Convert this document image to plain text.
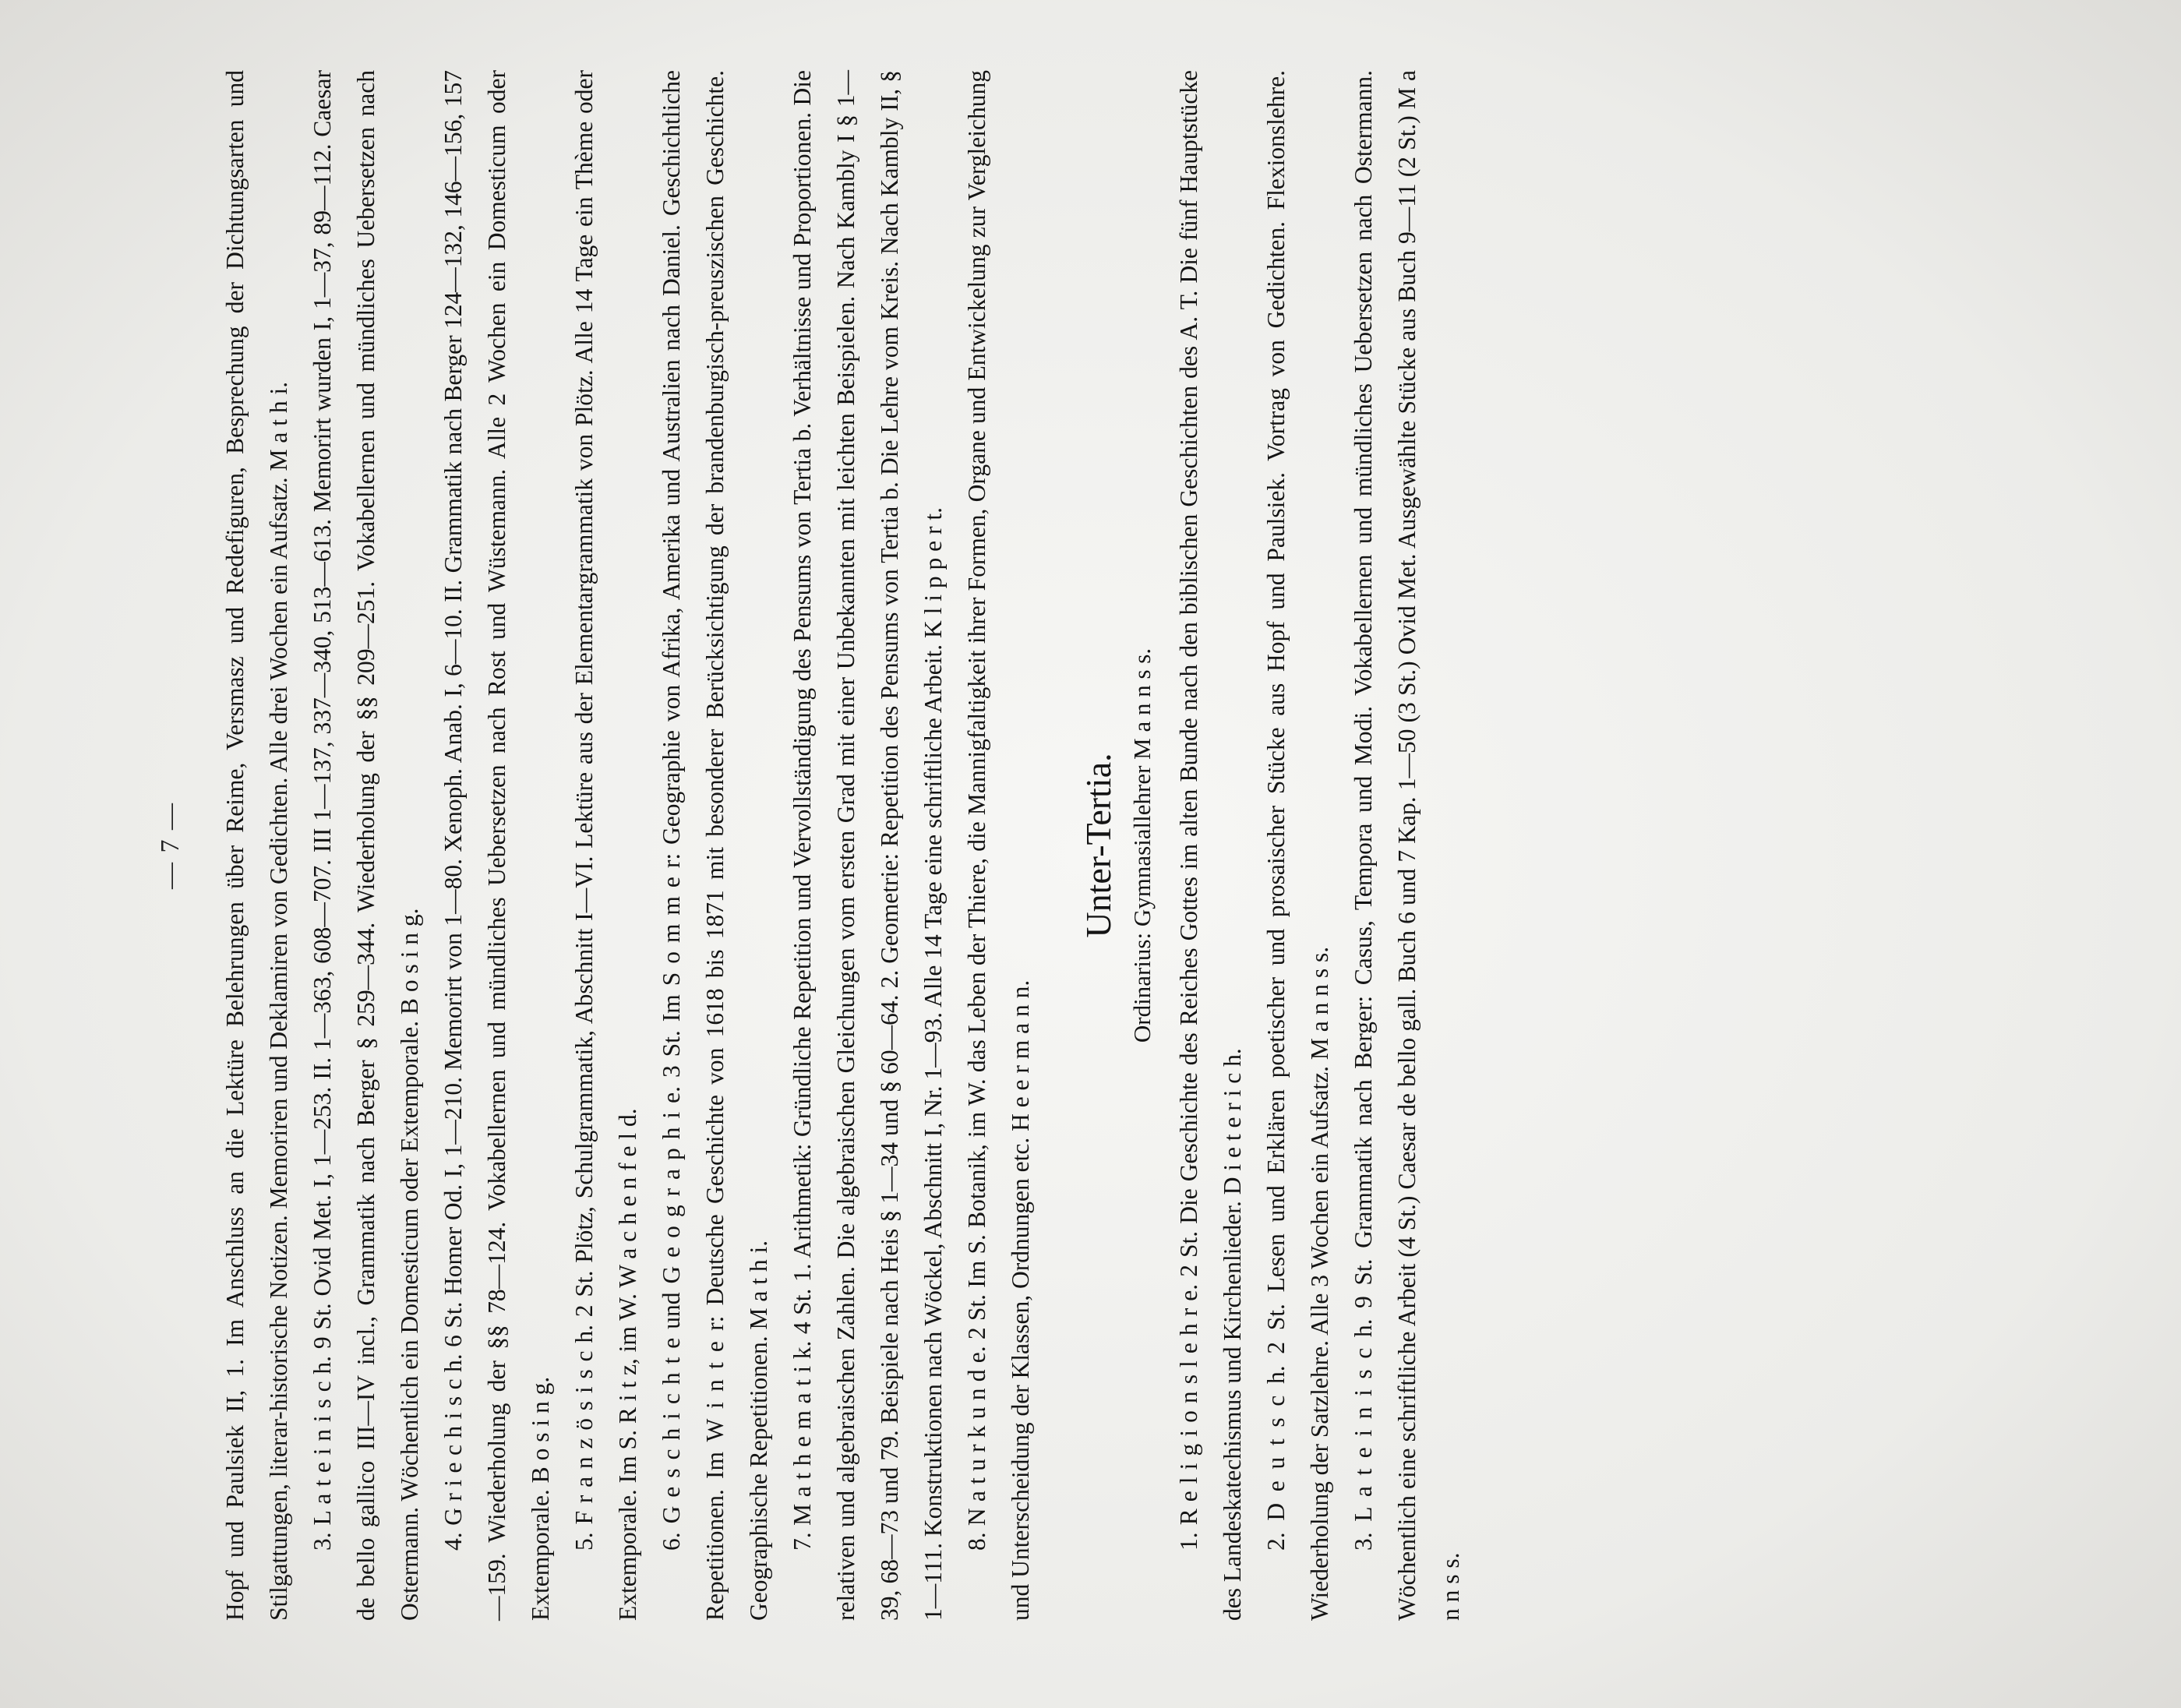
— 7 —	Hopf und Paulsiek II, 1. Im Anschluss an die Lektüre Belehrungen über Reime, Versmasz und Redefiguren, Besprechung der Dichtungsarten und Stilgattungen, literar-historische Notizen. Memoriren und Deklamiren von Gedichten. Alle drei Wochen ein Aufsatz. M a t h i. 3. L a t e i n i s c h. 9 St. Ovid Met. I, 1—253. II. 1—363, 608—707. III 1—137, 337—340, 513—613. Memorirt wurden I, 1—37, 89—112. Caesar de bello gallico III—IV incl., Grammatik nach Berger § 259—344. Wiederholung der §§ 209—251. Vokabellernen und mündliches Uebersetzen nach Ostermann. Wöchentlich ein Domesticum oder Extemporale. B o s i n g. 4. G r i e c h i s c h. 6 St. Homer Od. I, 1—210. Memorirt von 1—80. Xenoph. Anab. I, 6—10. II. Grammatik nach Berger 124—132, 146—156, 157—159. Wiederholung der §§ 78—124. Vokabellernen und mündliches Uebersetzen nach Rost und Wüstemann. Alle 2 Wochen ein Domesticum oder Extemporale. B o s i n g. 5. F r a n z ö s i s c h. 2 St. Plötz, Schulgrammatik, Abschnitt I—VI. Lektüre aus der Elementargrammatik von Plötz. Alle 14 Tage ein Thème oder Extemporale. Im S. R i t z, im W. W a c h e n f e l d. 6. G e s c h i c h t e und G e o g r a p h i e. 3 St. Im S o m m e r: Geographie von Afrika, Amerika und Australien nach Daniel. Geschichtliche Repetitionen. Im W i n t e r: Deutsche Geschichte von 1618 bis 1871 mit besonderer Berücksichtigung der brandenburgisch-preuszischen Geschichte. Geographische Repetitionen. M a t h i. 7. M a t h e m a t i k. 4 St. 1. Arithmetik: Gründliche Repetition und Vervollständigung des Pensums von Tertia b. Verhältnisse und Proportionen. Die relativen und algebraischen Zahlen. Die algebraischen Gleichungen vom ersten Grad mit einer Unbekannten mit leichten Beispielen. Nach Kambly I § 1—39, 68—73 und 79. Beispiele nach Heis § 1—34 und § 60—64. 2. Geometrie: Repetition des Pensums von Tertia b. Die Lehre vom Kreis. Nach Kambly II, § 1—111. Konstruktionen nach Wöckel, Abschnitt I, Nr. 1—93. Alle 14 Tage eine schriftliche Arbeit. K l i p p e r t. 8. N a t u r k u n d e. 2 St. Im S. Botanik, im W. das Leben der Thiere, die Mannigfaltigkeit ihrer Formen, Organe und Entwickelung zur Vergleichung und Unterscheidung der Klassen, Ordnungen etc. H e e r m a n n.

Unter-Tertia. Ordinarius: Gymnasiallehrer M a n n s s. 1. R e l i g i o n s l e h r e. 2 St. Die Geschichte des Reiches Gottes im alten Bunde nach den biblischen Geschichten des A. T. Die fünf Hauptstücke des Landeskatechismus und Kirchenlieder. D i e t e r i c h. 2. D e u t s c h. 2 St. Lesen und Erklären poetischer und prosaischer Stücke aus Hopf und Paulsiek. Vortrag von Gedichten. Flexionslehre. Wiederholung der Satzlehre. Alle 3 Wochen ein Aufsatz. M a n n s s. 3. L a t e i n i s c h. 9 St. Grammatik nach Berger: Casus, Tempora und Modi. Vokabellernen und mündliches Uebersetzen nach Ostermann. Wöchentlich eine schriftliche Arbeit (4 St.) Caesar de bello gall. Buch 6 und 7 Kap. 1—50 (3 St.) Ovid Met. Ausgewählte Stücke aus Buch 9—11 (2 St.) M a n n s s.
